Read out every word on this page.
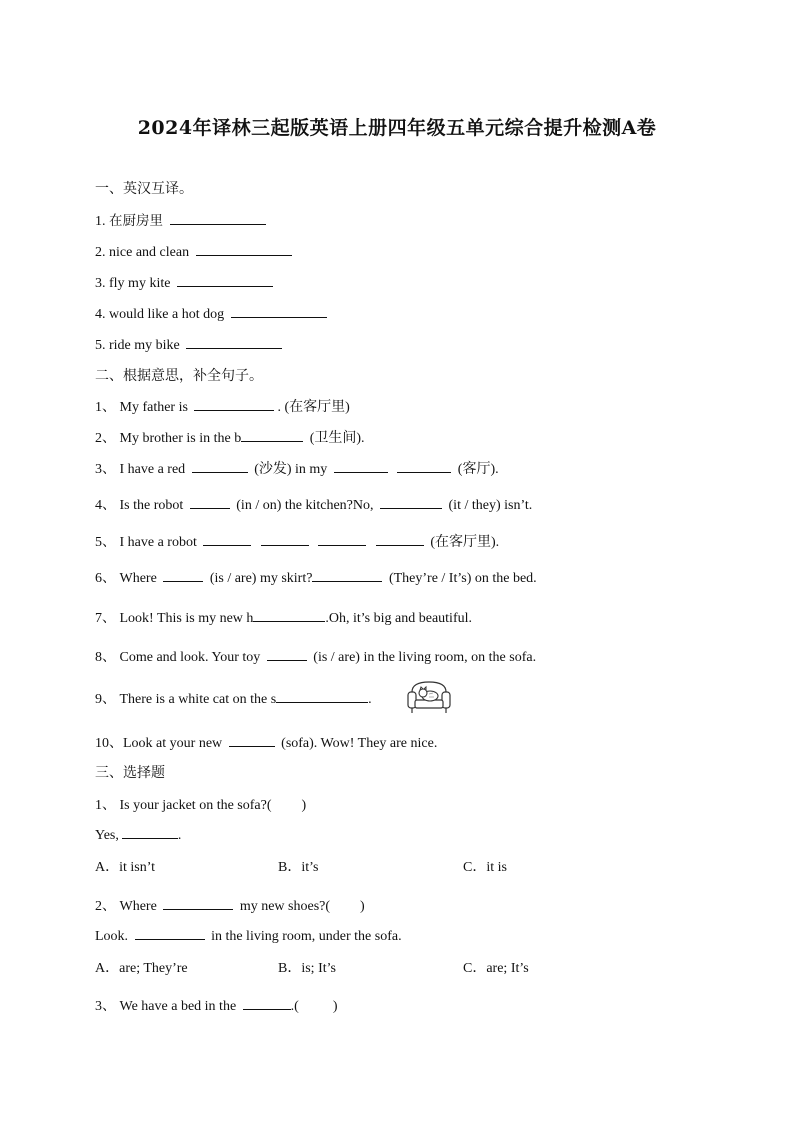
2024年译林三起版英语上册四年级五单元综合提升检测A卷
一、英汉互译。
1. 在厨房里
2. nice and clean
3. fly my kite
4. would like a hot dog
5. ride my bike
二、根据意思，补全句子。
1、 My father is	. (在客厅里)
2、 My brother is in the b	(卫生间).
3、 I have a red	(沙发) in my	(客厅).
4、 Is the robot	(in / on) the kitchen?No,	(it / they) isn’t.
5、 I have a robot	(在客厅里).
6、 Where	(is / are) my skirt?	(They’re / It’s) on the bed.
7、 Look! This is my new h	.Oh, it’s big and beautiful.
8、 Come and look. Your toy	(is / are) in the living room, on the sofa.
9、 There is a white cat on the s	.
10、Look at your new	(sofa). Wow! They are nice.
三、选择题
1、 Is your jacket on the sofa?( )
Yes,	.
A．it isn’t	B．it’s	C．it is
2、 Where	my new shoes?( )
Look.	in the living room, under the sofa.
A．are; They’re	B．is; It’s	C．are; It’s
3、 We have a bed in the	.( )
